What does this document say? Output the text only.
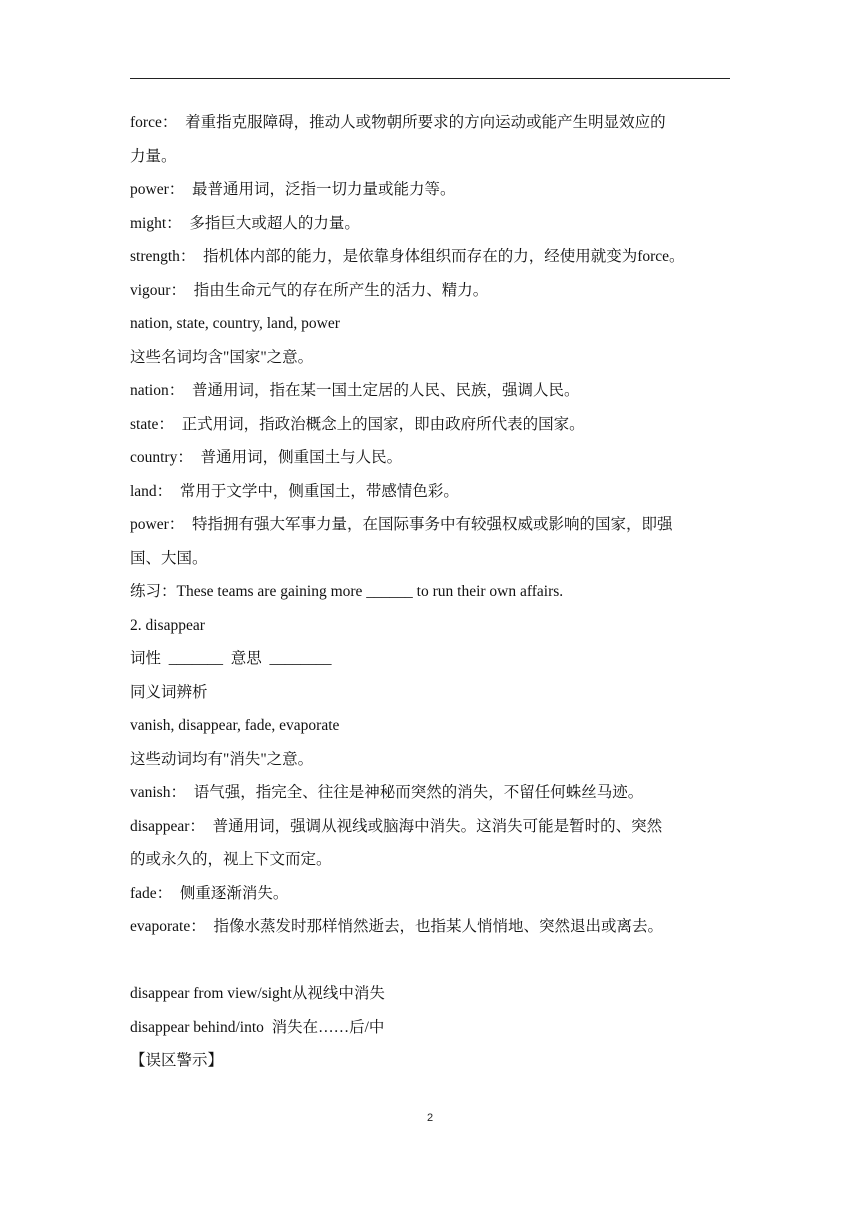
force：  着重指克服障碍，推动人或物朝所要求的方向运动或能产生明显效应的
力量。
power：  最普通用词，泛指一切力量或能力等。
might：  多指巨大或超人的力量。
strength：  指机体内部的能力，是依靠身体组织而存在的力，经使用就变为force。
vigour：  指由生命元气的存在所产生的活力、精力。
nation, state, country, land, power
这些名词均含"国家"之意。
nation：  普通用词，指在某一国土定居的人民、民族，强调人民。
state：  正式用词，指政治概念上的国家，即由政府所代表的国家。
country：  普通用词，侧重国土与人民。
land：  常用于文学中，侧重国土，带感情色彩。
power：  特指拥有强大军事力量，在国际事务中有较强权威或影响的国家，即强
国、大国。
练习：These teams are gaining more ______ to run their own affairs.
2. disappear
词性  _______  意思  ________
同义词辨析
vanish, disappear, fade, evaporate
这些动词均有"消失"之意。
vanish：  语气强，指完全、往往是神秘而突然的消失，不留任何蛛丝马迹。
disappear：  普通用词，强调从视线或脑海中消失。这消失可能是暂时的、突然
的或永久的，视上下文而定。
fade：  侧重逐渐消失。
evaporate：  指像水蒸发时那样悄然逝去，也指某人悄悄地、突然退出或离去。
disappear from view/sight从视线中消失
disappear behind/into  消失在……后/中
【误区警示】
2
